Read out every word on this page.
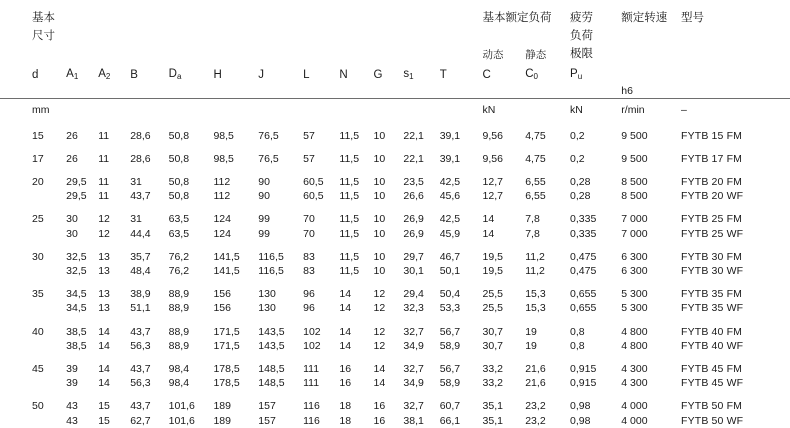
	基本												基本额定负荷		疲劳	额定转速	型号
	尺寸														负荷		
													动态	静态	极限		
	d	A1	A2	B	Da	H	J	L	N	G	s1	T	C	C0	Pu		
																h6	
	mm												kN		kN	r/min	–
	15	26	11	28,6	50,8	98,5	76,5	57	11,5	10	22,1	39,1	9,56	4,75	0,2	9 500	FYTB 15 FM
	17	26	11	28,6	50,8	98,5	76,5	57	11,5	10	22,1	39,1	9,56	4,75	0,2	9 500	FYTB 17 FM
	20	29,5	11	31	50,8	112	90	60,5	11,5	10	23,5	42,5	12,7	6,55	0,28	8 500	FYTB 20 FM
		29,5	11	43,7	50,8	112	90	60,5	11,5	10	26,6	45,6	12,7	6,55	0,28	8 500	FYTB 20 WF
	25	30	12	31	63,5	124	99	70	11,5	10	26,9	42,5	14	7,8	0,335	7 000	FYTB 25 FM
		30	12	44,4	63,5	124	99	70	11,5	10	26,9	45,9	14	7,8	0,335	7 000	FYTB 25 WF
	30	32,5	13	35,7	76,2	141,5	116,5	83	11,5	10	29,7	46,7	19,5	11,2	0,475	6 300	FYTB 30 FM
		32,5	13	48,4	76,2	141,5	116,5	83	11,5	10	30,1	50,1	19,5	11,2	0,475	6 300	FYTB 30 WF
	35	34,5	13	38,9	88,9	156	130	96	14	12	29,4	50,4	25,5	15,3	0,655	5 300	FYTB 35 FM
		34,5	13	51,1	88,9	156	130	96	14	12	32,3	53,3	25,5	15,3	0,655	5 300	FYTB 35 WF
	40	38,5	14	43,7	88,9	171,5	143,5	102	14	12	32,7	56,7	30,7	19	0,8	4 800	FYTB 40 FM
		38,5	14	56,3	88,9	171,5	143,5	102	14	12	34,9	58,9	30,7	19	0,8	4 800	FYTB 40 WF
	45	39	14	43,7	98,4	178,5	148,5	111	16	14	32,7	56,7	33,2	21,6	0,915	4 300	FYTB 45 FM
		39	14	56,3	98,4	178,5	148,5	111	16	14	34,9	58,9	33,2	21,6	0,915	4 300	FYTB 45 WF
	50	43	15	43,7	101,6	189	157	116	18	16	32,7	60,7	35,1	23,2	0,98	4 000	FYTB 50 FM
		43	15	62,7	101,6	189	157	116	18	16	38,1	66,1	35,1	23,2	0,98	4 000	FYTB 50 WF
